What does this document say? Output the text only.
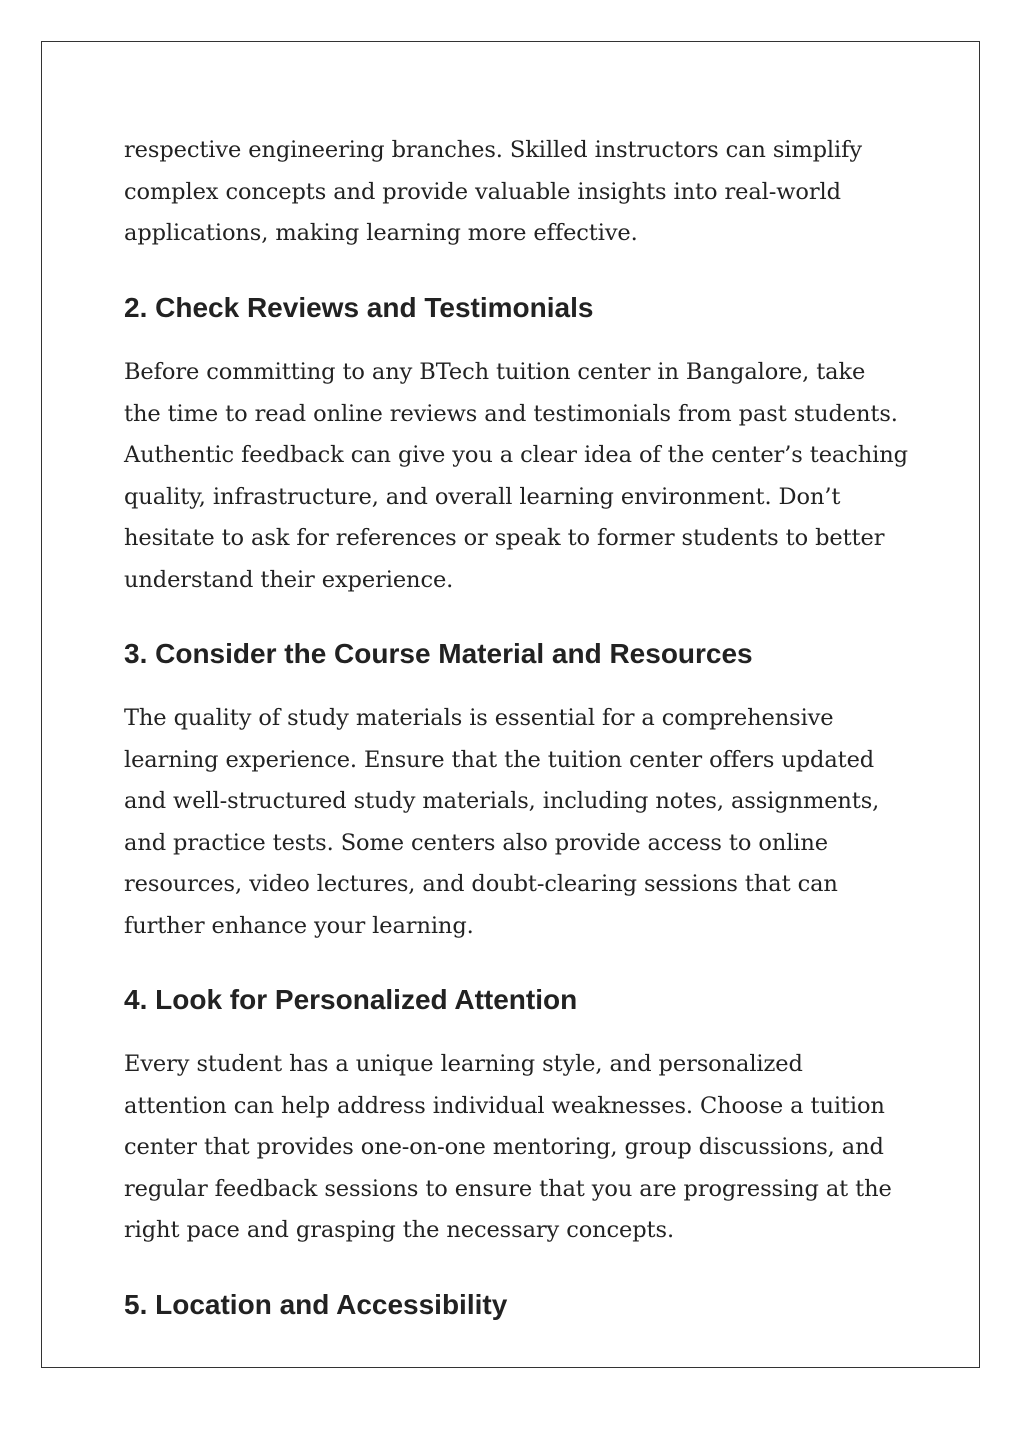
respective engineering branches. Skilled instructors can simplify
complex concepts and provide valuable insights into real-world
applications, making learning more effective.

2. Check Reviews and Testimonials

Before committing to any BTech tuition center in Bangalore, take
the time to read online reviews and testimonials from past students.
Authentic feedback can give you a clear idea of the center’s teaching
quality, infrastructure, and overall learning environment. Don’t
hesitate to ask for references or speak to former students to better
understand their experience.

3. Consider the Course Material and Resources

The quality of study materials is essential for a comprehensive
learning experience. Ensure that the tuition center offers updated
and well-structured study materials, including notes, assignments,
and practice tests. Some centers also provide access to online
resources, video lectures, and doubt-clearing sessions that can
further enhance your learning.

4. Look for Personalized Attention

Every student has a unique learning style, and personalized
attention can help address individual weaknesses. Choose a tuition
center that provides one-on-one mentoring, group discussions, and
regular feedback sessions to ensure that you are progressing at the
right pace and grasping the necessary concepts.

5. Location and Accessibility
